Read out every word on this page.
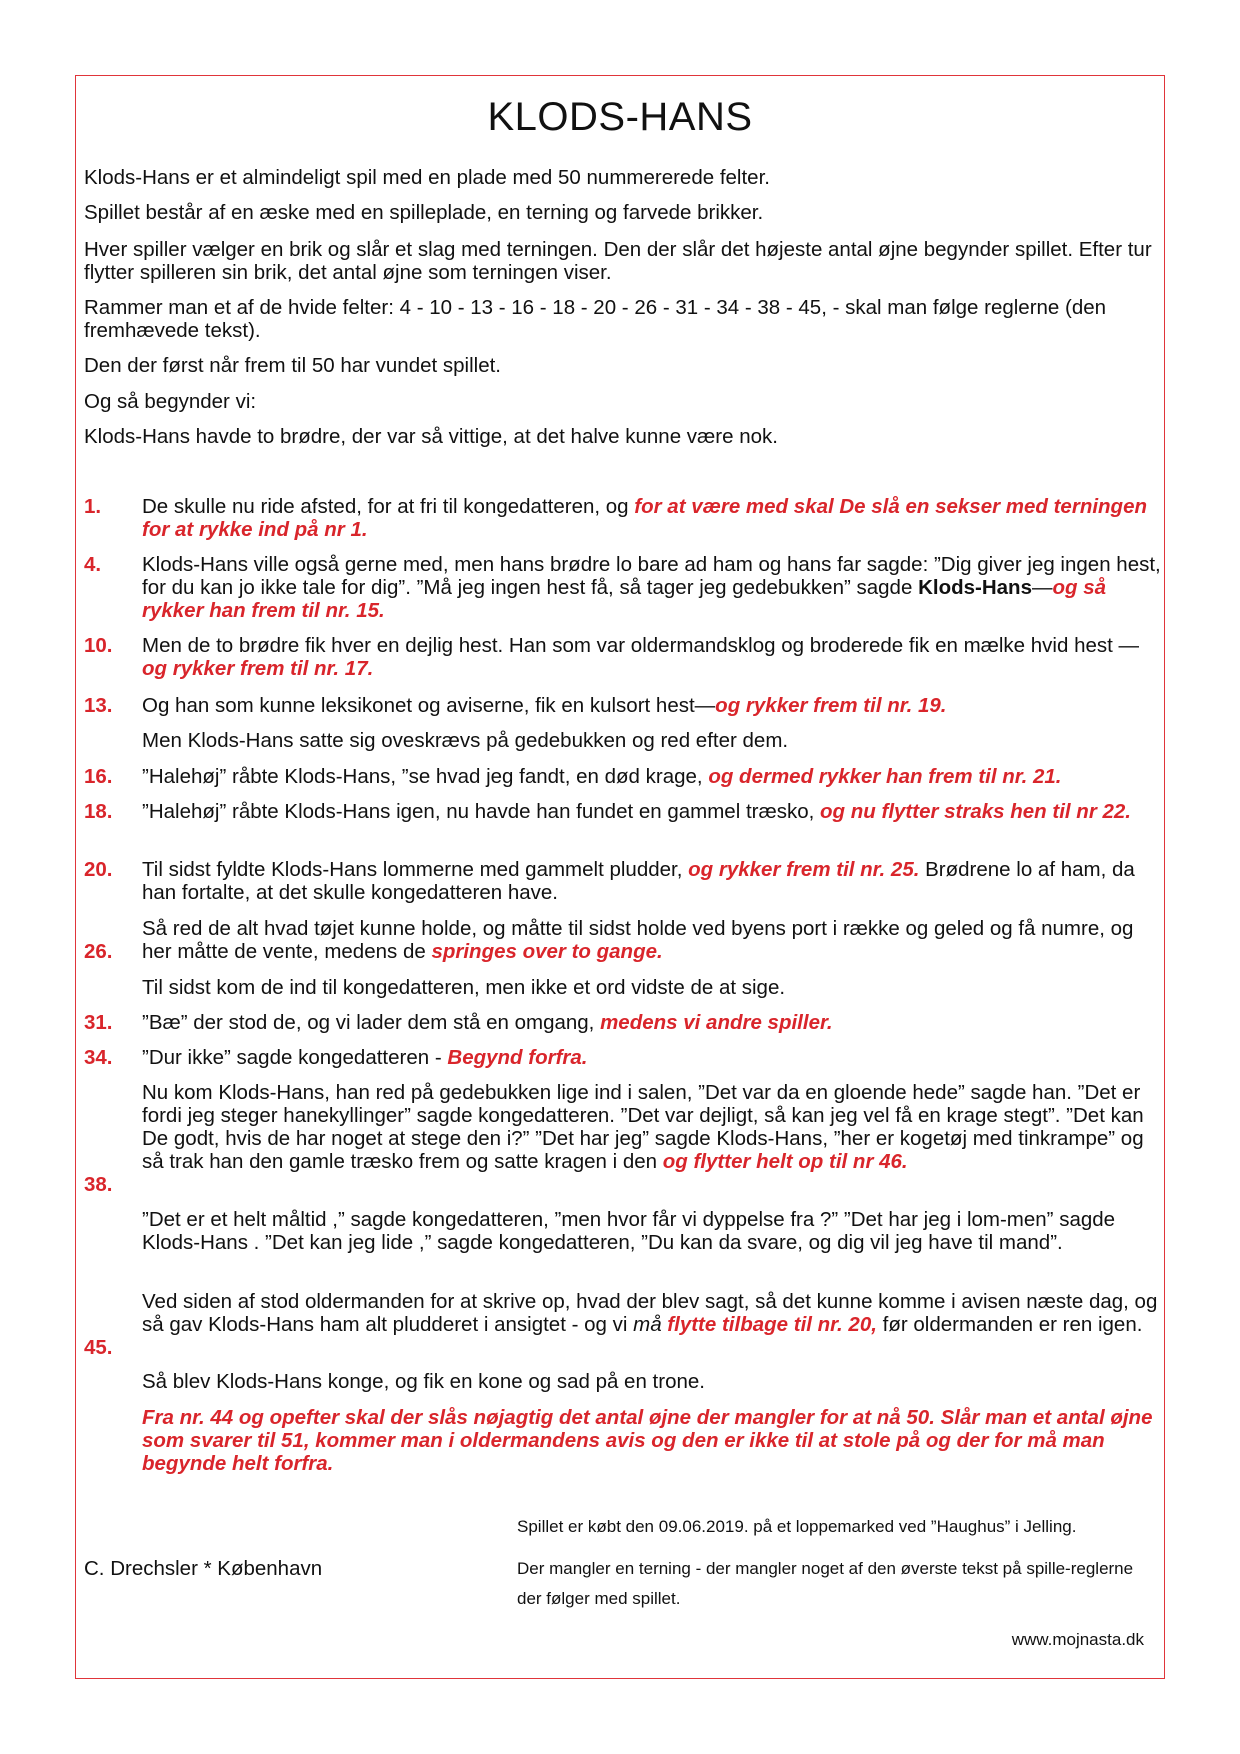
KLODS-HANS
Klods-Hans er et almindeligt spil med en plade med 50 nummererede felter.
Spillet består af en æske med en spilleplade, en terning og farvede brikker.
Hver spiller vælger en brik og slår et slag med terningen. Den der slår det højeste antal øjne begynder spillet. Efter tur flytter spilleren sin brik, det antal øjne som terningen viser.
Rammer man et af de hvide felter: 4 - 10 - 13 - 16 - 18 - 20 - 26 - 31 - 34 - 38 - 45, - skal man følge reglerne (den fremhævede tekst).
Den der først når frem til 50 har vundet spillet.
Og så begynder vi:
Klods-Hans havde to brødre, der var så vittige, at det halve kunne være nok.
1.	De skulle nu ride afsted, for at fri til kongedatteren, og for at være med skal De slå en sekser med terningen for at rykke ind på nr 1.
4.	Klods-Hans ville også gerne med, men hans brødre lo bare ad ham og hans far sagde: ”Dig giver jeg ingen hest, for du kan jo ikke tale for dig”. ”Må jeg ingen hest få, så tager jeg gedebukken” sagde Klods-Hans—og så rykker han frem til nr. 15.
10.	Men de to brødre fik hver en dejlig hest. Han som var oldermandsklog og broderede fik en mælke hvid hest — og rykker frem til nr. 17.
13.	Og han som kunne leksikonet og aviserne, fik en kulsort hest—og rykker frem til nr. 19.
Men Klods-Hans satte sig oveskrævs på gedebukken og red efter dem.
16.	”Halehøj” råbte Klods-Hans, ”se hvad jeg fandt, en død krage, og dermed rykker han frem til nr. 21.
18.	”Halehøj” råbte Klods-Hans igen, nu havde han fundet en gammel træsko, og nu flytter straks hen til nr 22.
20.	Til sidst fyldte Klods-Hans lommerne med gammelt pludder, og rykker frem til nr. 25. Brødrene lo af ham, da han fortalte, at det skulle kongedatteren have.
26.
Så red de alt hvad tøjet kunne holde, og måtte til sidst holde ved byens port i række og geled og få numre, og her måtte de vente, medens de springes over to gange.
Til sidst kom de ind til kongedatteren, men ikke et ord vidste de at sige.
31.	”Bæ” der stod de, og vi lader dem stå en omgang, medens vi andre spiller.
34.	”Dur ikke” sagde kongedatteren - Begynd forfra.
38.
Nu kom Klods-Hans, han red på gedebukken lige ind i salen, ”Det var da en gloende hede” sagde han. ”Det er fordi jeg steger hanekyllinger” sagde kongedatteren. ”Det var dejligt, så kan jeg vel få en krage stegt”. ”Det kan De godt, hvis de har noget at stege den i?” ”Det har jeg” sagde Klods-Hans, ”her er kogetøj med tinkrampe” og så trak han den gamle træsko frem og satte kragen i den og flytter helt op til nr 46.
”Det er et helt måltid ,” sagde kongedatteren, ”men hvor får vi dyppelse fra ?” ”Det har jeg i lom-men” sagde Klods-Hans . ”Det kan jeg lide ,” sagde kongedatteren, ”Du kan da svare, og dig vil jeg have til mand”.
45.
Ved siden af stod oldermanden for at skrive op, hvad der blev sagt, så det kunne komme i avisen næste dag, og så gav Klods-Hans ham alt pludderet i ansigtet - og vi må flytte tilbage til nr. 20, før oldermanden er ren igen.
Så blev Klods-Hans konge, og fik en kone og sad på en trone.
Fra nr. 44 og opefter skal der slås nøjagtig det antal øjne der mangler for at nå 50. Slår man et antal øjne som svarer til 51, kommer man i oldermandens avis og den er ikke til at stole på og der for må man begynde helt forfra.
Spillet er købt den 09.06.2019. på et loppemarked ved ”Haughus” i Jelling.
Der mangler en terning - der mangler noget af den øverste tekst på spille-reglerne der følger med spillet.
C. Drechsler * København
www.mojnasta.dk
